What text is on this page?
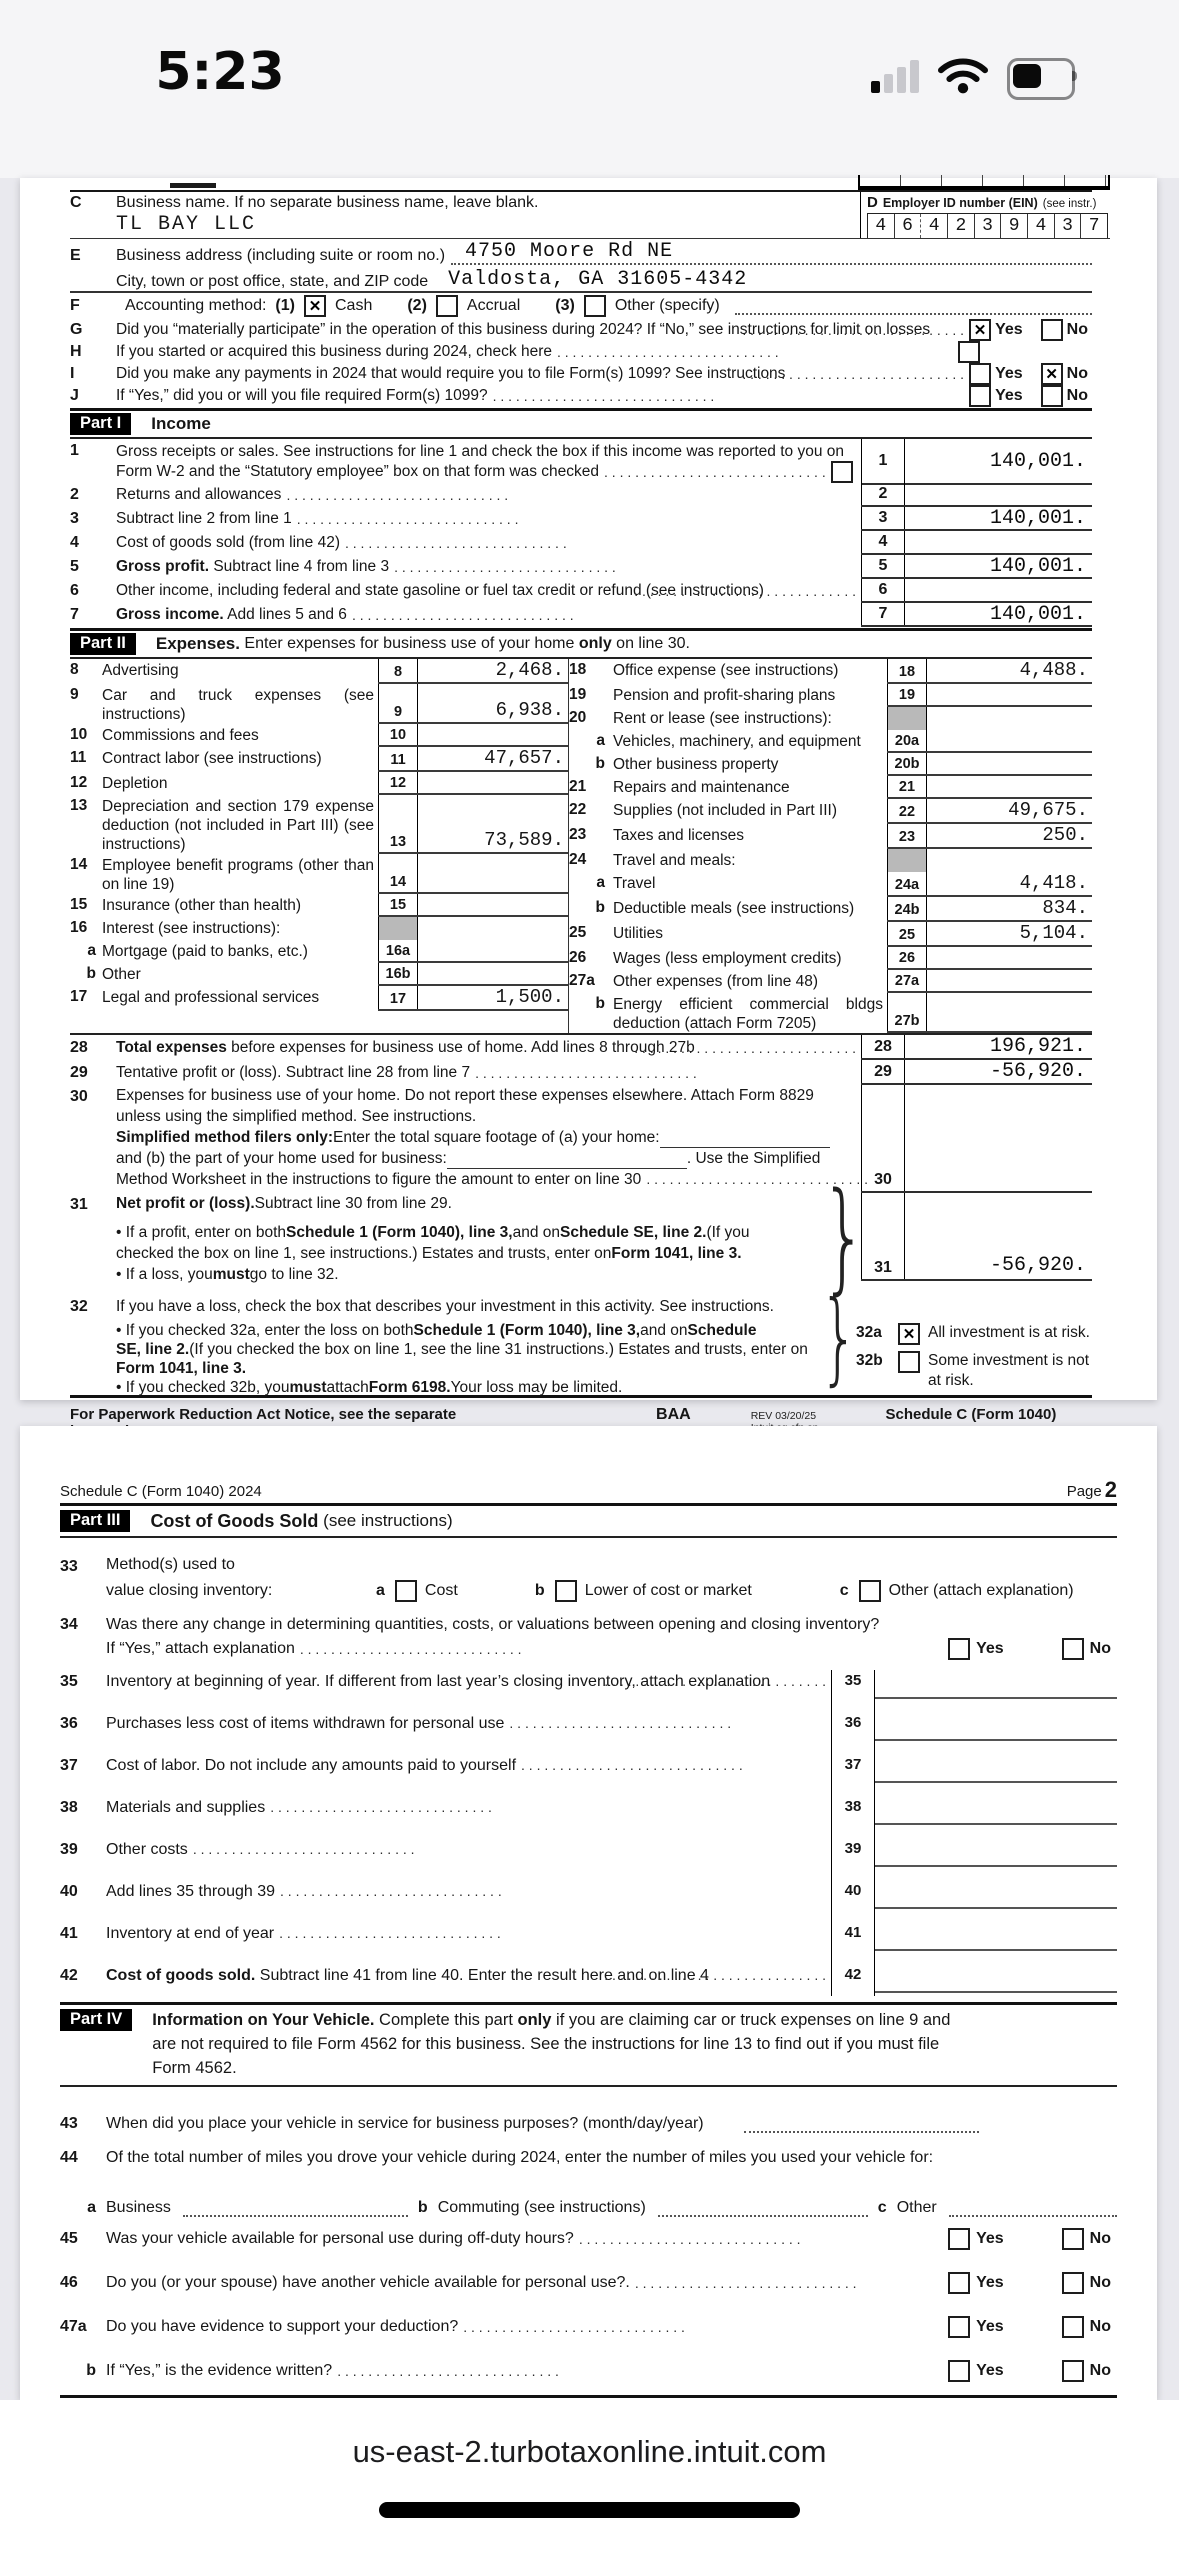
5:23
C	Business name. If no separate business name, leave blank.
TL BAY LLC
D Employer ID number (EIN) (see instr.)
4 6 4 2 3 9 4 3 7
E	Business address (including suite or room no.) 4750 Moore Rd NE
City, town or post office, state, and ZIP code Valdosta, GA 31605-4342
F	Accounting method: (1) ✕	Cash (2)	Accrual (3)	Other (specify)
G	Did you “materially participate” in the operation of this business during 2024? If “No,” see instructions for limit on losses . ✕	Yes	No
H	If you started or acquired this business during 2024, check here
.
I	Did you make any payments in 2024 that would require you to file Form(s) 1099? See instructions .	Yes ✕	No
J	If “Yes,” did you or will you file required Form(s) 1099? .	Yes	No
Part I	Income
1	Gross receipts or sales. See instructions for line 1 and check the box if this income was reported to you on
Form W-2 and the “Statutory employee” box on that form was checked
.
1	140,001.
2	Returns and allowances .	2
3	Subtract line 2 from line 1 .	3	140,001.
4	Cost of goods sold (from line 42) .	4
5	Gross profit. Subtract line 4 from line 3 .	5	140,001.
6	Other income, including federal and state gasoline or fuel tax credit or refund (see instructions) .	6
7	Gross income. Add lines 5 and 6 .	7	140,001.
Part II	Expenses. Enter expenses for business use of your home only on line 30.
8	Advertising	8	2,468.
9	Car and truck expenses (see instructions)	9	6,938.
10 Commissions and fees	10
11	Contract labor (see instructions)	11	47,657.
12 Depletion	12
13 Depreciation and section 179 expense deduction (not included in Part III) (see instructions)	13	73,589.
14 Employee benefit programs (other than on line 19)	14
15 Insurance (other than health)	15
16 Interest (see instructions):
a Mortgage (paid to banks, etc.)	16a
b Other	16b
17 Legal and professional services	17	1,500.
18	Office expense (see instructions)	18	4,488.
19	Pension and profit-sharing plans	19
20	Rent or lease (see instructions):
a Vehicles, machinery, and equipment	20a
b Other business property	20b
21	Repairs and maintenance	21
22	Supplies (not included in Part III)	22	49,675.
23	Taxes and licenses	23	250.
24	Travel and meals:
a Travel	24a	4,418.
b Deductible meals (see instructions)	24b	834.
25	Utilities	25	5,104.
26	Wages (less employment credits)	26
27a	Other expenses (from line 48)	27a
b Energy efficient commercial bldgs deduction (attach Form 7205)	27b
28	Total expenses before expenses for business use of home. Add lines 8 through 27b .	28	196,921.
29	Tentative profit or (loss). Subtract line 28 from line 7 .	29	-56,920.
30	Expenses for business use of your home. Do not report these expenses elsewhere. Attach Form 8829
unless using the simplified method. See instructions.
Simplified method filers only: Enter the total square footage of (a) your home:
and (b) the part of your home used for business:	. Use the Simplified
Method Worksheet in the instructions to figure the amount to enter on line 30 .	30
31	Net profit or (loss). Subtract line 30 from line 29.
• If a profit, enter on both Schedule 1 (Form 1040), line 3, and on Schedule SE, line 2. (If you
checked the box on line 1, see instructions.) Estates and trusts, enter on Form 1041, line 3.
• If a loss, you must go to line 32.	} 31	-56,920.
32	If you have a loss, check the box that describes your investment in this activity. See instructions.
• If you checked 32a, enter the loss on both Schedule 1 (Form 1040), line 3, and on Schedule
SE, line 2. (If you checked the box on line 1, see the line 31 instructions.) Estates and trusts, enter on
Form 1041, line 3.
• If you checked 32b, you must attach Form 6198. Your loss may be limited. }
32a ✕	All investment is at risk.
32b	Some investment is not
at risk.
For Paperwork Reduction Act Notice, see the separate	BAA	REV 03/20/25	Schedule C (Form 1040)
Schedule C (Form 1040) 2024	Page 2
Part III	Cost of Goods Sold (see instructions)
33	Method(s) used to
value closing inventory:	a	Cost	b	Lower of cost or market	c	Other (attach explanation)
34	Was there any change in determining quantities, costs, or valuations between opening and closing inventory?
If “Yes,” attach explanation .	Yes	No
35	Inventory at beginning of year. If different from last year’s closing inventory, attach explanation .	35
36	Purchases less cost of items withdrawn for personal use .	36
37	Cost of labor. Do not include any amounts paid to yourself .	37
38	Materials and supplies .	38
39	Other costs .	39
40	Add lines 35 through 39 .	40
41	Inventory at end of year .	41
42	Cost of goods sold. Subtract line 41 from line 40. Enter the result here and on line 4 .	42
Part IV	Information on Your Vehicle. Complete this part only if you are claiming car or truck expenses on line 9 and
are not required to file Form 4562 for this business. See the instructions for line 13 to find out if you must file
Form 4562.
43	When did you place your vehicle in service for business purposes? (month/day/year)
44	Of the total number of miles you drove your vehicle during 2024, enter the number of miles you used your vehicle for:
a Business	b Commuting (see instructions)	c Other
45	Was your vehicle available for personal use during off-duty hours? .	Yes	No
46	Do you (or your spouse) have another vehicle available for personal use?. .	Yes	No
47a	Do you have evidence to support your deduction? .	Yes	No
b If “Yes,” is the evidence written? .	Yes	No
us-east-2.turbotaxonline.intuit.com
